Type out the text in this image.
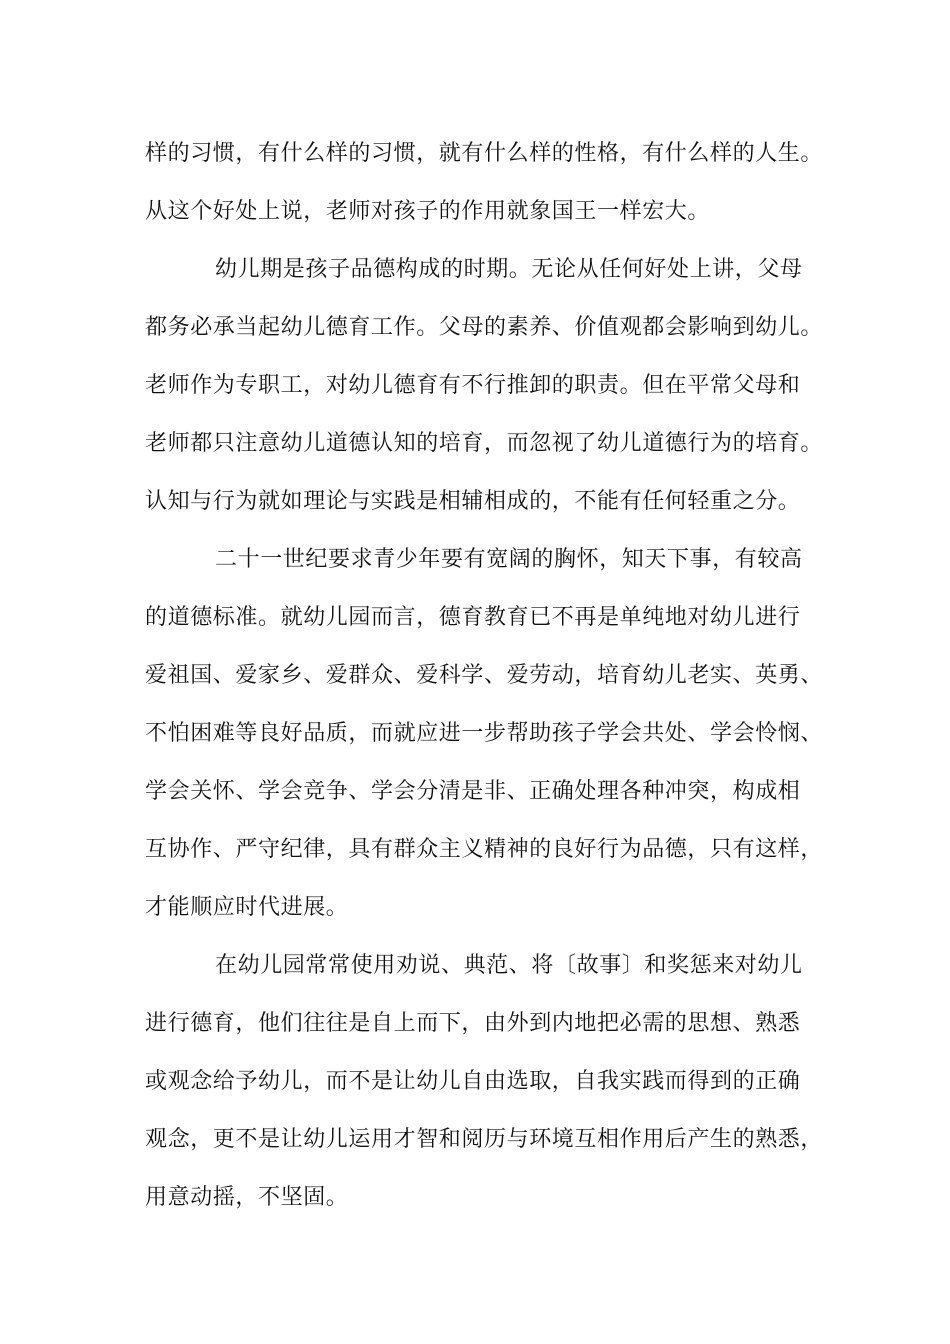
样的习惯，有什么样的习惯，就有什么样的性格，有什么样的人生。
从这个好处上说，老师对孩子的作用就象国王一样宏大。
幼儿期是孩子品德构成的时期。无论从任何好处上讲，父母
都务必承当起幼儿德育工作。父母的素养、价值观都会影响到幼儿。
老师作为专职工，对幼儿德育有不行推卸的职责。但在平常父母和
老师都只注意幼儿道德认知的培育，而忽视了幼儿道德行为的培育。
认知与行为就如理论与实践是相辅相成的，不能有任何轻重之分。
二十一世纪要求青少年要有宽阔的胸怀，知天下事，有较高
的道德标准。就幼儿园而言，德育教育已不再是单纯地对幼儿进行
爱祖国、爱家乡、爱群众、爱科学、爱劳动，培育幼儿老实、英勇、
不怕困难等良好品质，而就应进一步帮助孩子学会共处、学会怜悯、
学会关怀、学会竞争、学会分清是非、正确处理各种冲突，构成相
互协作、严守纪律，具有群众主义精神的良好行为品德，只有这样，
才能顺应时代进展。
在幼儿园常常使用劝说、典范、将〔故事〕和奖惩来对幼儿
进行德育，他们往往是自上而下，由外到内地把必需的思想、熟悉
或观念给予幼儿，而不是让幼儿自由选取，自我实践而得到的正确
观念，更不是让幼儿运用才智和阅历与环境互相作用后产生的熟悉，
用意动摇，不坚固。
